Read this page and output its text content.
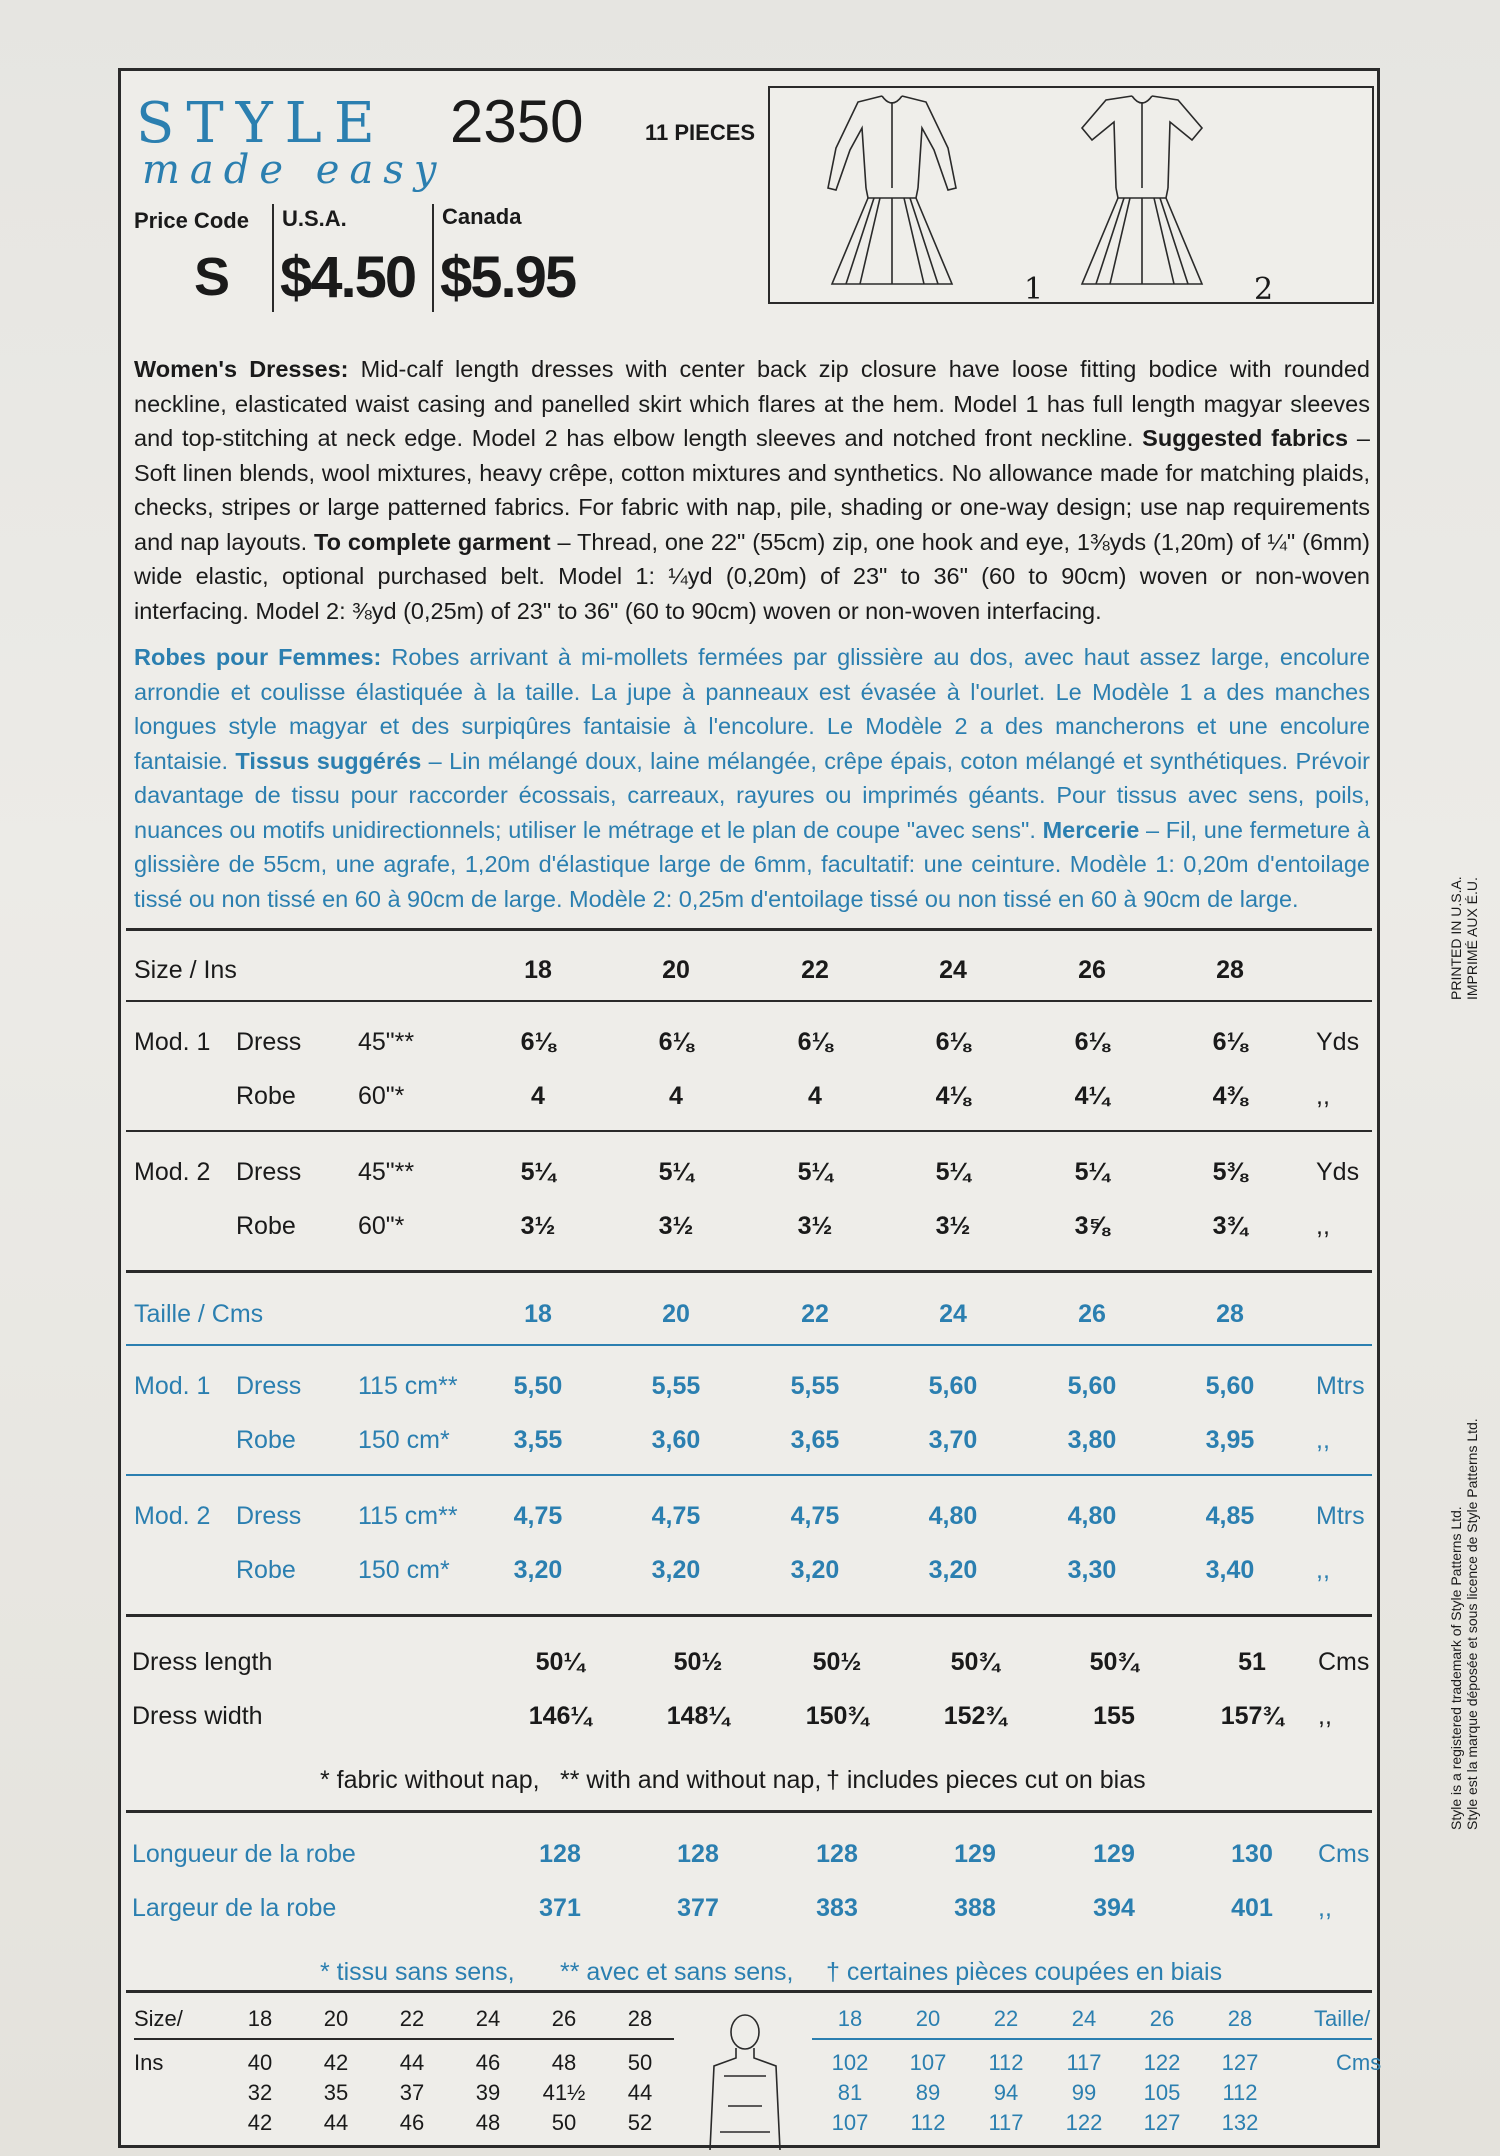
STYLE
made easy
2350	11 PIECES
Price Code
S
U.S.A.
$4.50
Canada
$5.95	1	2
Women's Dresses: Mid-calf length dresses with center back zip closure have loose fitting bodice with rounded neckline, elasticated waist casing and panelled skirt which flares at the hem. Model 1 has full length magyar sleeves and top-stitching at neck edge. Model 2 has elbow length sleeves and notched front neckline. Suggested fabrics – Soft linen blends, wool mixtures, heavy crêpe, cotton mixtures and synthetics. No allowance made for matching plaids, checks, stripes or large patterned fabrics. For fabric with nap, pile, shading or one-way design; use nap requirements and nap layouts. To complete garment – Thread, one 22" (55cm) zip, one hook and eye, 1⅜yds (1,20m) of ¼" (6mm) wide elastic, optional purchased belt. Model 1: ¼yd (0,20m) of 23" to 36" (60 to 90cm) woven or non-woven interfacing. Model 2: ⅜yd (0,25m) of 23" to 36" (60 to 90cm) woven or non-woven interfacing.
Robes pour Femmes: Robes arrivant à mi-mollets fermées par glissière au dos, avec haut assez large, encolure arrondie et coulisse élastiquée à la taille. La jupe à panneaux est évasée à l'ourlet. Le Modèle 1 a des manches longues style magyar et des surpiqûres fantaisie à l'encolure. Le Modèle 2 a des mancherons et une encolure fantaisie. Tissus suggérés – Lin mélangé doux, laine mélangée, crêpe épais, coton mélangé et synthétiques. Prévoir davantage de tissu pour raccorder écossais, carreaux, rayures ou imprimés géants. Pour tissus avec sens, poils, nuances ou motifs unidirectionnels; utiliser le métrage et le plan de coupe "avec sens". Mercerie – Fil, une fermeture à glissière de 55cm, une agrafe, 1,20m d'élastique large de 6mm, facultatif: une ceinture. Modèle 1: 0,20m d'entoilage tissé ou non tissé en 60 à 90cm de large. Modèle 2: 0,25m d'entoilage tissé ou non tissé en 60 à 90cm de large.
Size / Ins	18	20	22	24	26	28
Mod. 1 Dress 45"**	6⅛	6⅛	6⅛	6⅛	6⅛	6⅛	Yds
Robe 60"*	4	4	4	4⅛	4¼	4⅜	,,
Mod. 2 Dress 45"**	5¼	5¼	5¼	5¼	5¼	5⅜	Yds
Robe 60"*	3½	3½	3½	3½	3⅝	3¾	,,
Taille / Cms	18	20	22	24	26	28
Mod. 1 Dress 115 cm**	5,50	5,55	5,55	5,60	5,60	5,60	Mtrs
Robe 150 cm*	3,55	3,60	3,65	3,70	3,80	3,95	,,
Mod. 2 Dress 115 cm**	4,75	4,75	4,75	4,80	4,80	4,85	Mtrs
Robe 150 cm*	3,20	3,20	3,20	3,20	3,30	3,40	,,
Dress length	50¼	50½	50½	50¾	50¾	51	Cms
Dress width	146¼	148¼	150¾	152¾	155	157¾	,,
* fabric without nap, ** with and without nap, † includes pieces cut on bias
Longueur de la robe	128	128	128	129	129	130	Cms
Largeur de la robe	371	377	383	388	394	401	,,
* tissu sans sens, ** avec et sans sens, † certaines pièces coupées en biais
Size/
Ins
18	20	22	24	26	28
40	42	44	46	48	50
32	35	37	39	41½	44
42	44	46	48	50	52
18	20	22	24	26	28
102	107	112	117	122	127
81	89	94	99	105	112
107	112	117	122	127	132
Taille/
Cms
PRINTED IN U.S.A. IMPRIMÉ AUX É.U.
Style is a registered trademark of Style Patterns Ltd. Style est la marque déposée et sous licence de Style Patterns Ltd.
